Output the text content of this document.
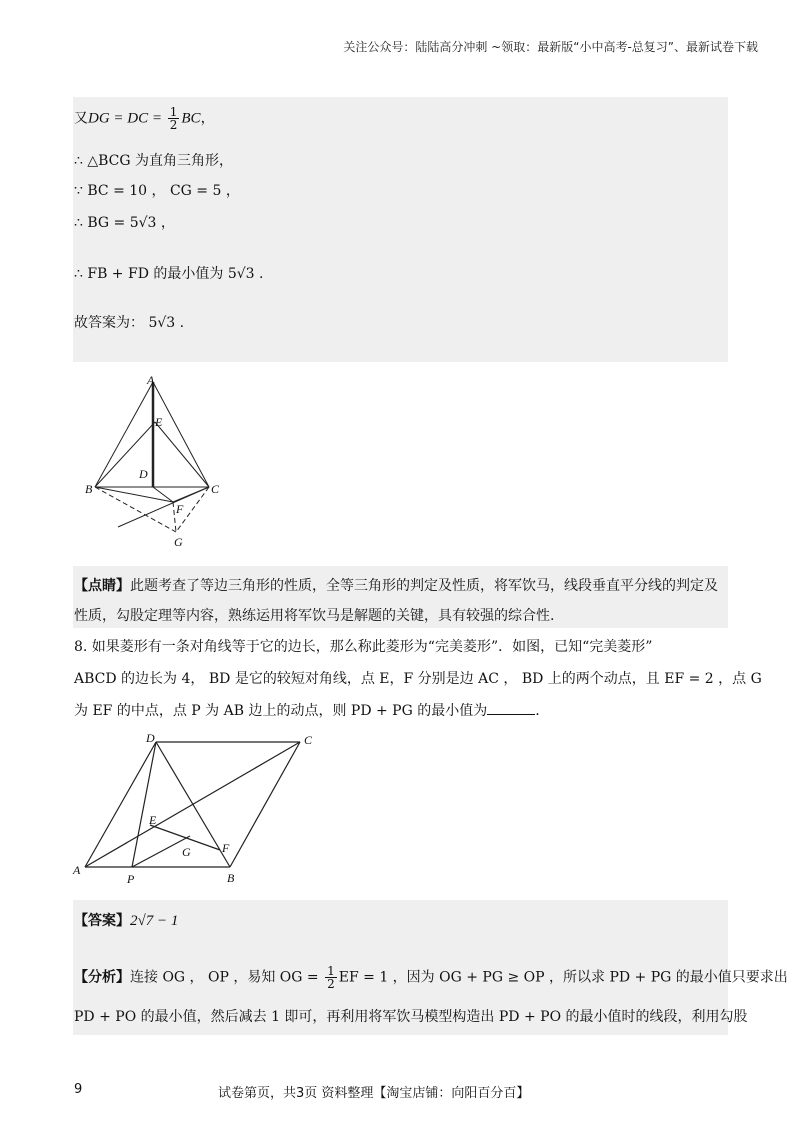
关注公众号：陆陆高分冲刺 ~领取：最新版“小中高考-总复习”、最新试卷下载
又DG = DC = $\frac{1}{2}$ BC，
∴ △BCG 为直角三角形，
∵ BC = 10 ， CG = 5 ，
∴ BG = 5√3 ，
∴ FB + FD 的最小值为 5√3 .
故答案为： 5√3 .
A
E
D
B	C
F
G
【点睛】此题考查了等边三角形的性质，全等三角形的判定及性质，将军饮马，线段垂直平分线的判定及
性质，勾股定理等内容，熟练运用将军饮马是解题的关键，具有较强的综合性.
8. 如果菱形有一条对角线等于它的边长，那么称此菱形为“完美菱形”．如图，已知“完美菱形”
ABCD 的边长为 4， BD 是它的较短对角线，点 E，F 分别是边 AC ， BD 上的两个动点，且 EF = 2 ，点 G
为 EF 的中点，点 P 为 AB 边上的动点，则 PD + PG 的最小值为	.
D	C
E
G	F
A
P	B
【答案】2√7 − 1
【分析】连接 OG ， OP ，易知 OG = $\frac{1}{2}$ EF = 1 ，因为 OG + PG ≥ OP ，所以求 PD + PG 的最小值只要求出
PD + PO 的最小值，然后减去 1 即可，再利用将军饮马模型构造出 PD + PO 的最小值时的线段，利用勾股
9	试卷第页，共3页 资料整理【淘宝店铺：向阳百分百】
